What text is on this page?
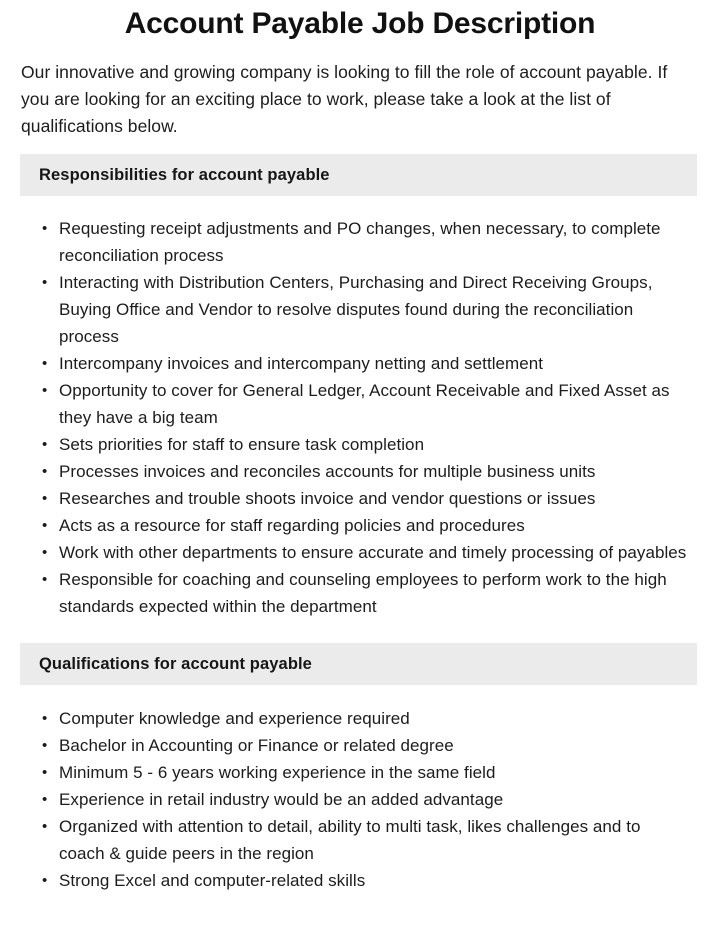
Account Payable Job Description

Our innovative and growing company is looking to fill the role of account payable. If you are looking for an exciting place to work, please take a look at the list of qualifications below.

Responsibilities for account payable
• Requesting receipt adjustments and PO changes, when necessary, to complete reconciliation process
• Interacting with Distribution Centers, Purchasing and Direct Receiving Groups, Buying Office and Vendor to resolve disputes found during the reconciliation process
• Intercompany invoices and intercompany netting and settlement
• Opportunity to cover for General Ledger, Account Receivable and Fixed Asset as they have a big team
• Sets priorities for staff to ensure task completion
• Processes invoices and reconciles accounts for multiple business units
• Researches and trouble shoots invoice and vendor questions or issues
• Acts as a resource for staff regarding policies and procedures
• Work with other departments to ensure accurate and timely processing of payables
• Responsible for coaching and counseling employees to perform work to the high standards expected within the department
Qualifications for account payable
• Computer knowledge and experience required
• Bachelor in Accounting or Finance or related degree
• Minimum 5 - 6 years working experience in the same field
• Experience in retail industry would be an added advantage
• Organized with attention to detail, ability to multi task, likes challenges and to coach & guide peers in the region
• Strong Excel and computer-related skills
